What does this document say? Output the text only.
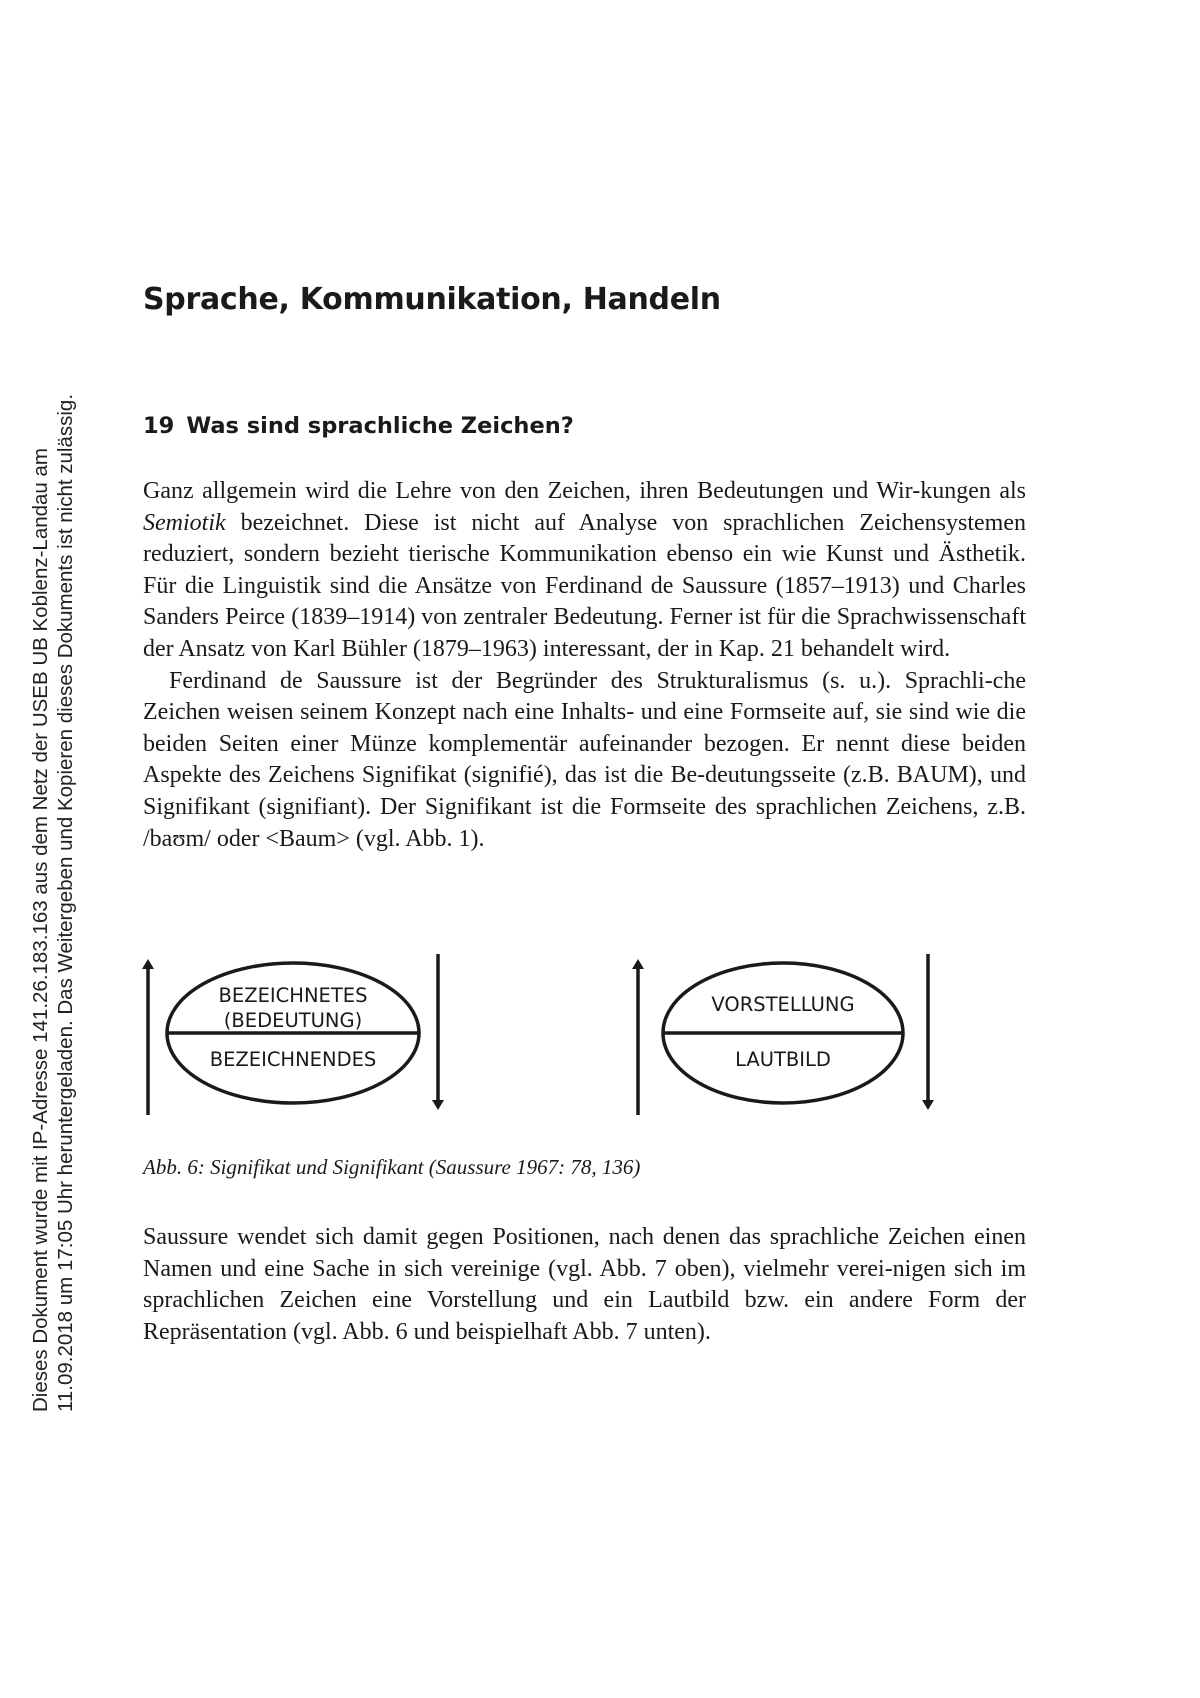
Dieses Dokument wurde mit IP-Adresse 141.26.183.163 aus dem Netz der USEB UB Koblenz-Landau am 11.09.2018 um 17:05 Uhr heruntergeladen. Das Weitergeben und Kopieren dieses Dokuments ist nicht zulässig.
Sprache, Kommunikation, Handeln
19 Was sind sprachliche Zeichen?

Ganz allgemein wird die Lehre von den Zeichen, ihren Bedeutungen und Wir-kungen als Semiotik bezeichnet. Diese ist nicht auf Analyse von sprachlichen Zeichensystemen reduziert, sondern bezieht tierische Kommunikation ebenso ein wie Kunst und Ästhetik. Für die Linguistik sind die Ansätze von Ferdinand de Saussure (1857–1913) und Charles Sanders Peirce (1839–1914) von zentraler Bedeutung. Ferner ist für die Sprachwissenschaft der Ansatz von Karl Bühler (1879–1963) interessant, der in Kap. 21 behandelt wird.

Ferdinand de Saussure ist der Begründer des Strukturalismus (s. u.). Sprachli-che Zeichen weisen seinem Konzept nach eine Inhalts- und eine Formseite auf, sie sind wie die beiden Seiten einer Münze komplementär aufeinander bezogen. Er nennt diese beiden Aspekte des Zeichens Signifikat (signifié), das ist die Be-deutungsseite (z.B. BAUM), und Signifikant (signifiant). Der Signifikant ist die Formseite des sprachlichen Zeichens, z.B. /baʊm/ oder <Baum> (vgl. Abb. 1).

BEZEICHNETES
(BEDEUTUNG)
BEZEICHNENDES
VORSTELLUNG
LAUTBILD

Abb. 6: Signifikat und Signifikant (Saussure 1967: 78, 136)

Saussure wendet sich damit gegen Positionen, nach denen das sprachliche Zeichen einen Namen und eine Sache in sich vereinige (vgl. Abb. 7 oben), vielmehr verei-nigen sich im sprachlichen Zeichen eine Vorstellung und ein Lautbild bzw. ein andere Form der Repräsentation (vgl. Abb. 6 und beispielhaft Abb. 7 unten).
